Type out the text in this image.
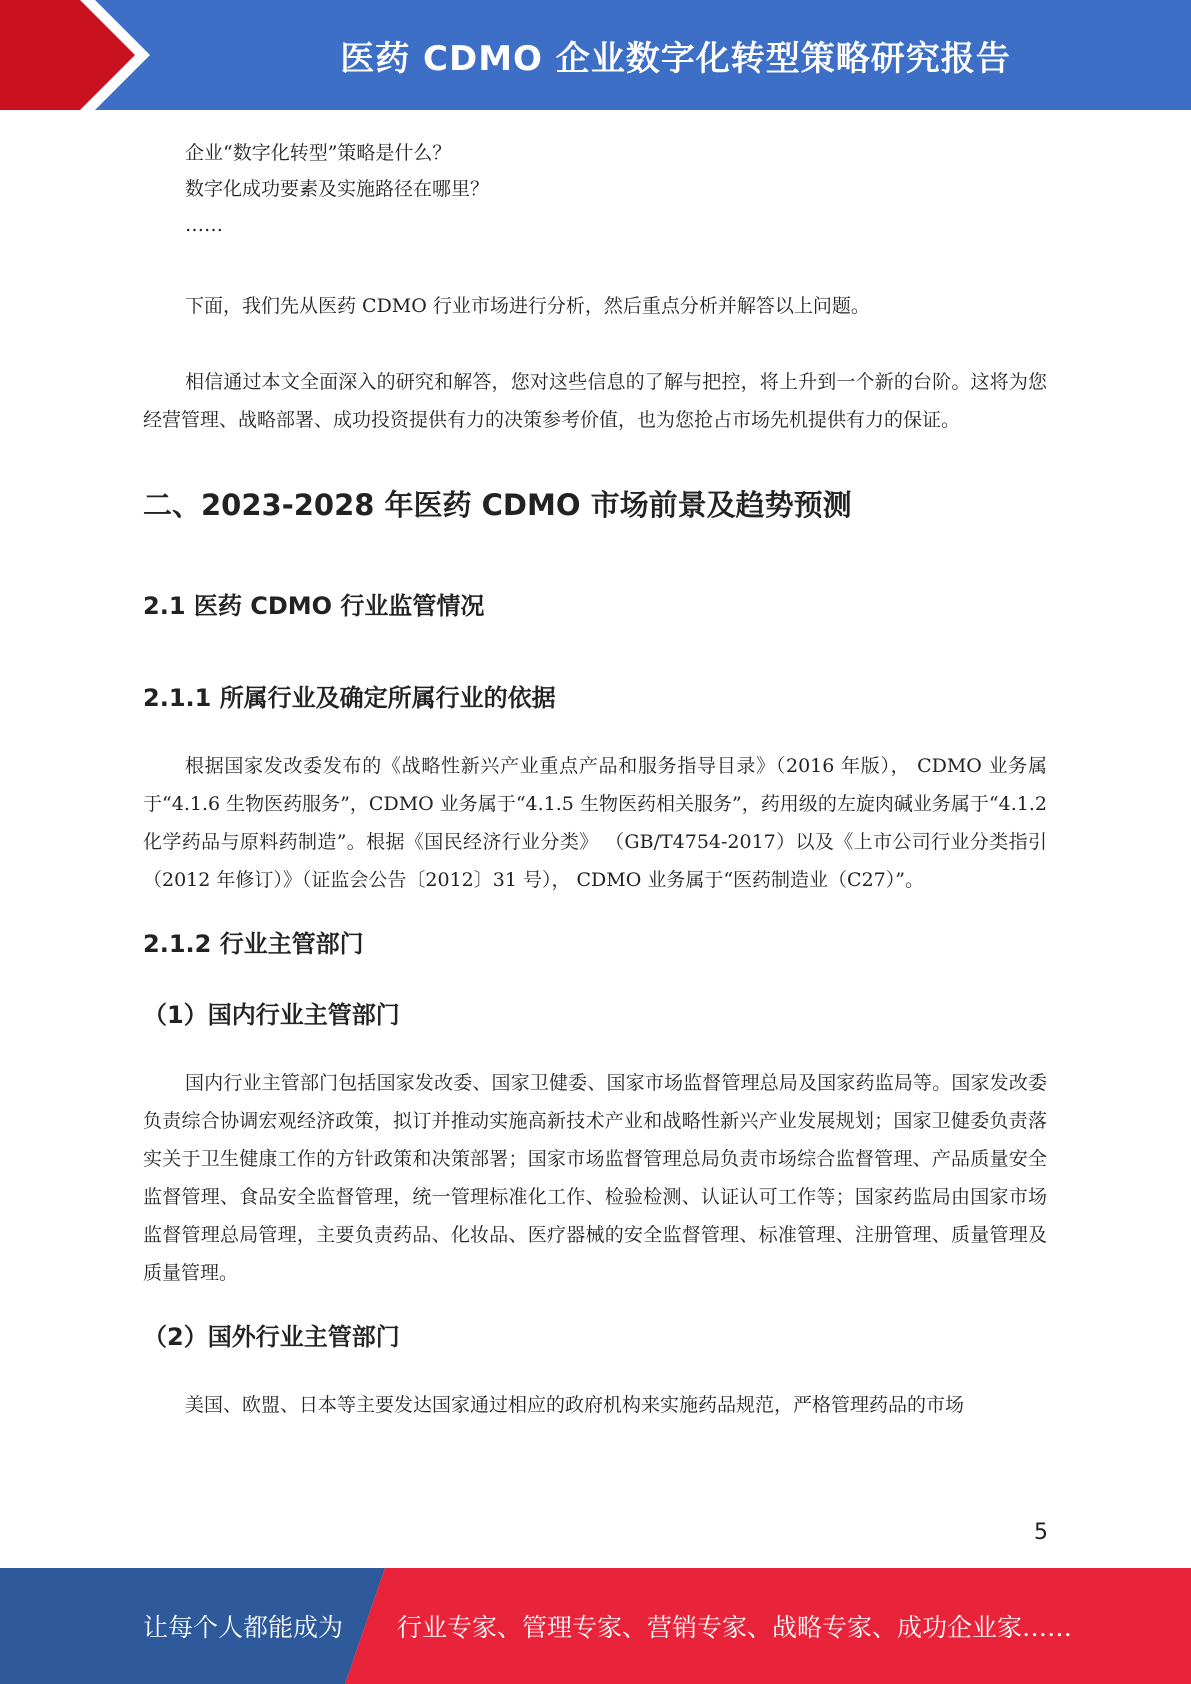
医药 CDMO 企业数字化转型策略研究报告

企业“数字化转型”策略是什么？

数字化成功要素及实施路径在哪里？

……

下面，我们先从医药 CDMO 行业市场进行分析，然后重点分析并解答以上问题。

相信通过本文全面深入的研究和解答，您对这些信息的了解与把控，将上升到一个新的台阶。这将为您经营管理、战略部署、成功投资提供有力的决策参考价值，也为您抢占市场先机提供有力的保证。

二、2023-2028 年医药 CDMO 市场前景及趋势预测
2.1 医药 CDMO 行业监管情况
2.1.1 所属行业及确定所属行业的依据

根据国家发改委发布的《战略性新兴产业重点产品和服务指导目录》（2016 年版）， CDMO 业务属于“4.1.6 生物医药服务”，CDMO 业务属于“4.1.5 生物医药相关服务”，药用级的左旋肉碱业务属于“4.1.2 化学药品与原料药制造”。根据《国民经济行业分类》 （GB/T4754-2017）以及《上市公司行业分类指引（2012 年修订）》（证监会公告〔2012〕31 号）， CDMO 业务属于“医药制造业（C27）”。

2.1.2 行业主管部门
（1）国内行业主管部门

国内行业主管部门包括国家发改委、国家卫健委、国家市场监督管理总局及国家药监局等。国家发改委负责综合协调宏观经济政策，拟订并推动实施高新技术产业和战略性新兴产业发展规划；国家卫健委负责落实关于卫生健康工作的方针政策和决策部署；国家市场监督管理总局负责市场综合监督管理、产品质量安全监督管理、食品安全监督管理，统一管理标准化工作、检验检测、认证认可工作等；国家药监局由国家市场监督管理总局管理，主要负责药品、化妆品、医疗器械的安全监督管理、标准管理、注册管理、质量管理及质量管理。

（2）国外行业主管部门

美国、欧盟、日本等主要发达国家通过相应的政府机构来实施药品规范，严格管理药品的市场

5
让每个人都能成为 行业专家、管理专家、营销专家、战略专家、成功企业家……
